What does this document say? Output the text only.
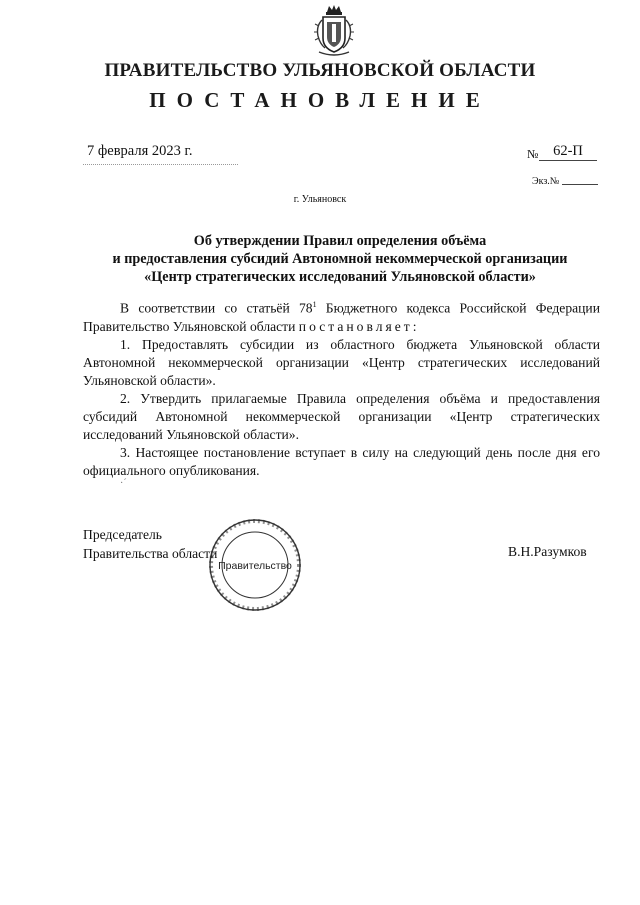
ПРАВИТЕЛЬСТВО УЛЬЯНОВСКОЙ ОБЛАСТИ
ПОСТАНОВЛЕНИЕ
7 февраля 2023 г.	№	62-П
Экз.№
г. Ульяновск
Об утверждении Правил определения объёма
и предоставления субсидий Автономной некоммерческой организации
«Центр стратегических исследований Ульяновской области»

В соответствии со статьёй $78^1$ Бюджетного кодекса Российской Федерации Правительство Ульяновской области постановляет:

1. Предоставлять субсидии из областного бюджета Ульяновской области Автономной некоммерческой организации «Центр стратегических исследований Ульяновской области».

2. Утвердить прилагаемые Правила определения объёма и предоставления субсидий Автономной некоммерческой организации «Центр стратегических исследований Ульяновской области».

3. Настоящее постановление вступает в силу на следующий день после дня его официального опубликования.

·´
Председатель
Правительства области	В.Н.Разумков
Правительство
